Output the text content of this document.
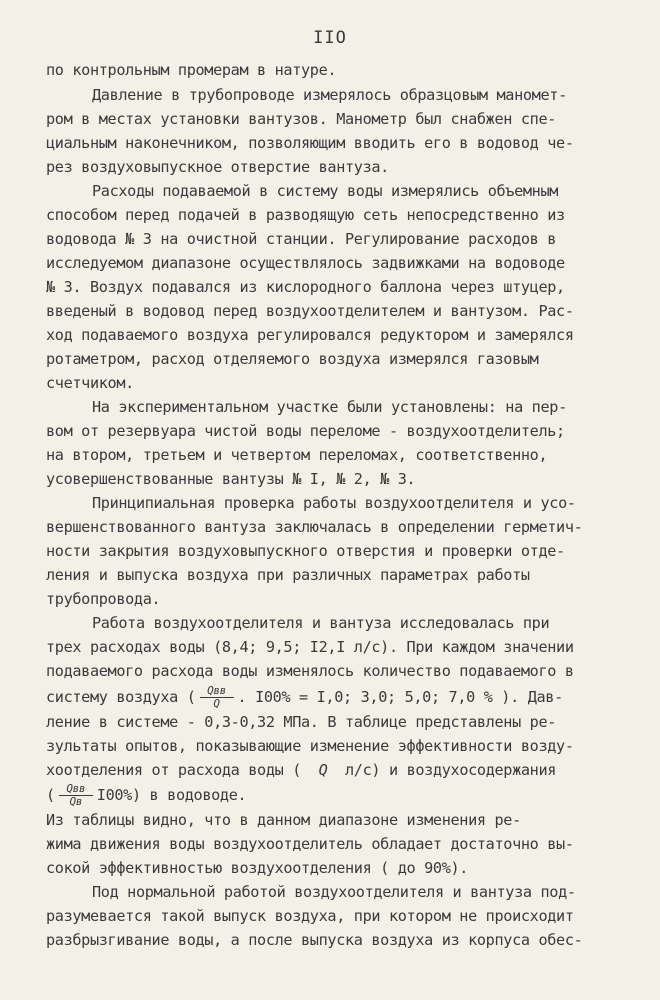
IIO
по контрольным промерам в натуре.
Давление в трубопроводе измерялось образцовым маномет-
ром в местах установки вантузов. Манометр был снабжен спе-
циальным наконечником, позволяющим вводить его в водовод че-
рез воздуховыпускное отверстие вантуза.
Расходы подаваемой в систему воды измерялись объемным
способом перед подачей в разводящую сеть непосредственно из
водовода № 3 на очистной станции. Регулирование расходов в
исследуемом диапазоне осуществлялось задвижками на водоводе
№ 3. Воздух подавался из кислородного баллона через штуцер,
введеный в водовод перед воздухоотделителем и вантузом. Рас-
ход подаваемого воздуха регулировался редуктором и замерялся
ротаметром, расход отделяемого воздуха измерялся газовым
счетчиком.
На экспериментальном участке были установлены: на пер-
вом от резервуара чистой воды переломе - воздухоотделитель;
на втором, третьем и четвертом переломах, соответственно,
усовершенствованные вантузы № I, № 2, № 3.
Принципиальная проверка работы воздухоотделителя и усо-
вершенствованного вантуза заключалась в определении герметич-
ности закрытия воздуховыпускного отверстия и проверки отде-
ления и выпуска воздуха при различных параметрах работы
трубопровода.
Работа воздухоотделителя и вантуза исследовалась при
трех расходах воды (8,4; 9,5; I2,I л/с). При каждом значении
подаваемого расхода воды изменялось количество подаваемого в
систему воздуха ( $\frac{\text{Qвв}}{Q}$ . I00% = I,0; 3,0; 5,0; 7,0 % ). Дав-
ление в системе - 0,3-0,32 МПа. В таблице представлены ре-
зультаты опытов, показывающие изменение эффективности возду-
хоотделения от расхода воды ( Q л/с) и воздухосодержания
( $\frac{\text{Qвв}}{Qв} I00\%$) в водоводе.
Из таблицы видно, что в данном диапазоне изменения ре-
жима движения воды воздухоотделитель обладает достаточно вы-
сокой эффективностью воздухоотделения ( до 90%).
Под нормальной работой воздухоотделителя и вантуза под-
разумевается такой выпуск воздуха, при котором не происходит
разбрызгивание воды, а после выпуска воздуха из корпуса обес-
